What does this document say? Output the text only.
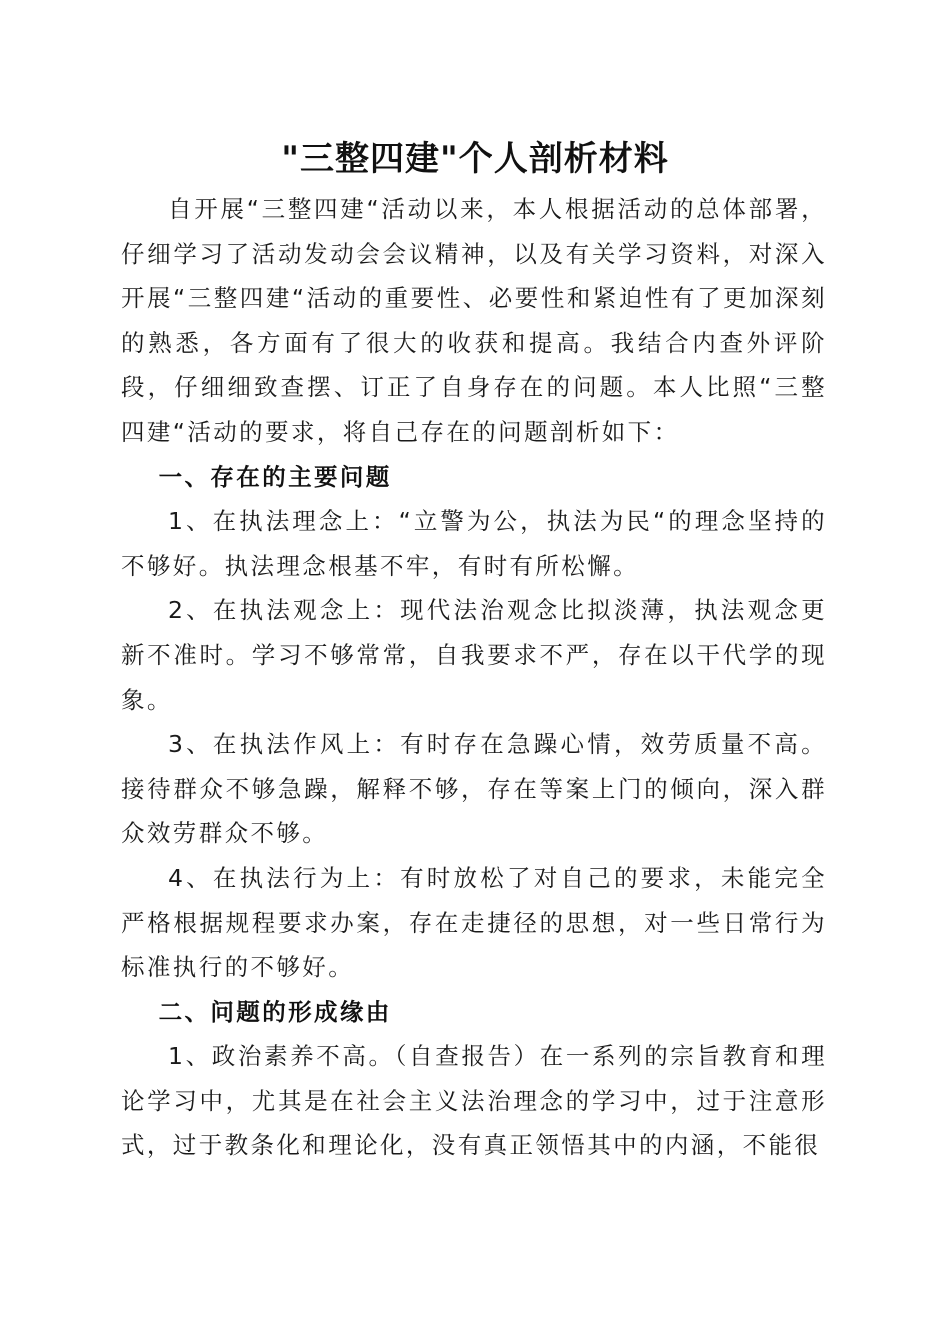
"三整四建"个人剖析材料

自开展“三整四建“活动以来，本人根据活动的总体部署，仔细学习了活动发动会会议精神，以及有关学习资料，对深入开展“三整四建“活动的重要性、必要性和紧迫性有了更加深刻的熟悉，各方面有了很大的收获和提高。我结合内查外评阶段，仔细细致查摆、订正了自身存在的问题。本人比照“三整四建“活动的要求，将自己存在的问题剖析如下：

一、存在的主要问题

1、在执法理念上：“立警为公，执法为民“的理念坚持的不够好。执法理念根基不牢，有时有所松懈。

2、在执法观念上：现代法治观念比拟淡薄，执法观念更新不准时。学习不够常常，自我要求不严，存在以干代学的现象。

3、在执法作风上：有时存在急躁心情，效劳质量不高。接待群众不够急躁，解释不够，存在等案上门的倾向，深入群众效劳群众不够。

4、在执法行为上：有时放松了对自己的要求，未能完全严格根据规程要求办案，存在走捷径的思想，对一些日常行为标准执行的不够好。

二、问题的形成缘由

1、政治素养不高。（自查报告）在一系列的宗旨教育和理论学习中，尤其是在社会主义法治理念的学习中，过于注意形式，过于教条化和理论化，没有真正领悟其中的内涵，不能很
